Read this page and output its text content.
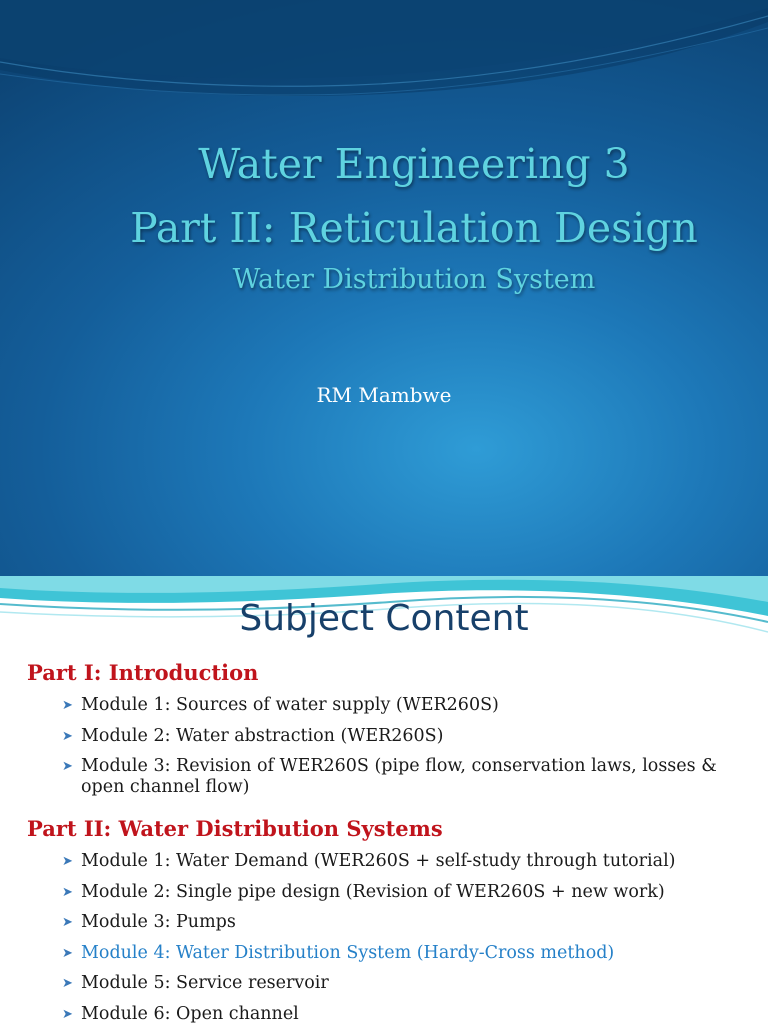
Water Engineering 3
Part II: Reticulation Design
Water Distribution System
RM Mambwe
Subject Content
Part I: Introduction
➤ Module 1: Sources of water supply (WER260S)
➤ Module 2: Water abstraction (WER260S)
➤ Module 3: Revision of WER260S (pipe flow, conservation laws, losses & open channel flow)
Part II: Water Distribution Systems
➤ Module 1: Water Demand (WER260S + self-study through tutorial)
➤ Module 2: Single pipe design (Revision of WER260S + new work)
➤ Module 3: Pumps
➤ Module 4: Water Distribution System (Hardy-Cross method)
➤ Module 5: Service reservoir
➤ Module 6: Open channel
